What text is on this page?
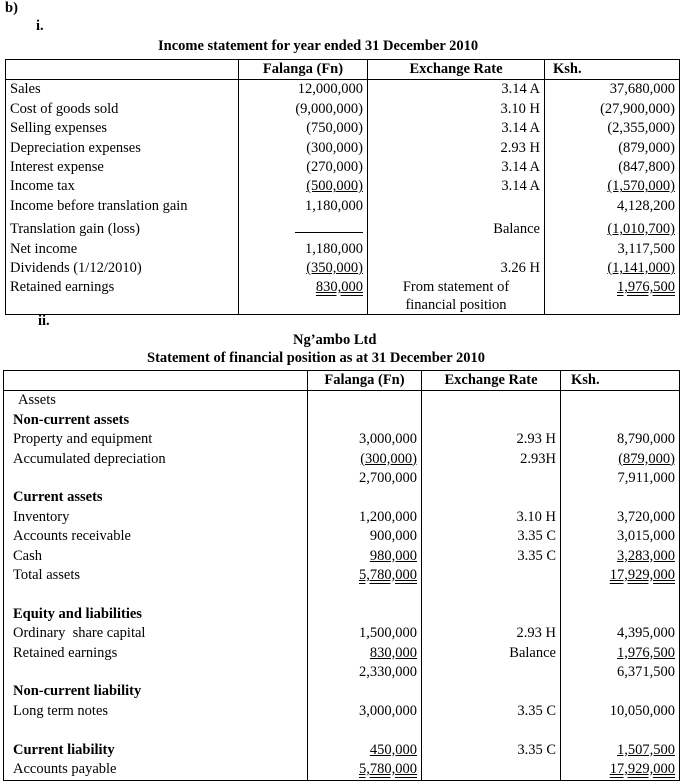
b)
i.
Income statement for year ended 31 December 2010
	Falanga (Fn)	Exchange Rate	Ksh.
Sales	12,000,000	3.14 A	37,680,000
Cost of goods sold	(9,000,000)	3.10 H	(27,900,000)
Selling expenses	(750,000)	3.14 A	(2,355,000)
Depreciation expenses	(300,000)	2.93 H	(879,000)
Interest expense	(270,000)	3.14 A	(847,800)
Income tax	(500,000)	3.14 A	(1,570,000)
Income before translation gain	1,180,000		4,128,200
Translation gain (loss)		Balance	(1,010,700)
Net income	1,180,000		3,117,500
Dividends (1/12/2010)	(350,000)	3.26 H	(1,141,000)
Retained earnings	830,000	From statement of financial position	1,976,500
ii.
Ng’ambo Ltd
Statement of financial position as at 31 December 2010
	Falanga (Fn)	Exchange Rate	Ksh.
Assets			
Non-current assets			
Property and equipment	3,000,000	2.93 H	8,790,000
Accumulated depreciation	(300,000)	2.93H	(879,000)
	2,700,000		7,911,000
Current assets			
Inventory	1,200,000	3.10 H	3,720,000
Accounts receivable	900,000	3.35 C	3,015,000
Cash	980,000	3.35 C	3,283,000
Total assets	5,780,000		17,929,000

Equity and liabilities			
Ordinary  share capital	1,500,000	2.93 H	4,395,000
Retained earnings	830,000	Balance	1,976,500
	2,330,000		6,371,500
Non-current liability			
Long term notes	3,000,000	3.35 C	10,050,000

Current liability	450,000	3.35 C	1,507,500
Accounts payable	5,780,000		17,929,000
